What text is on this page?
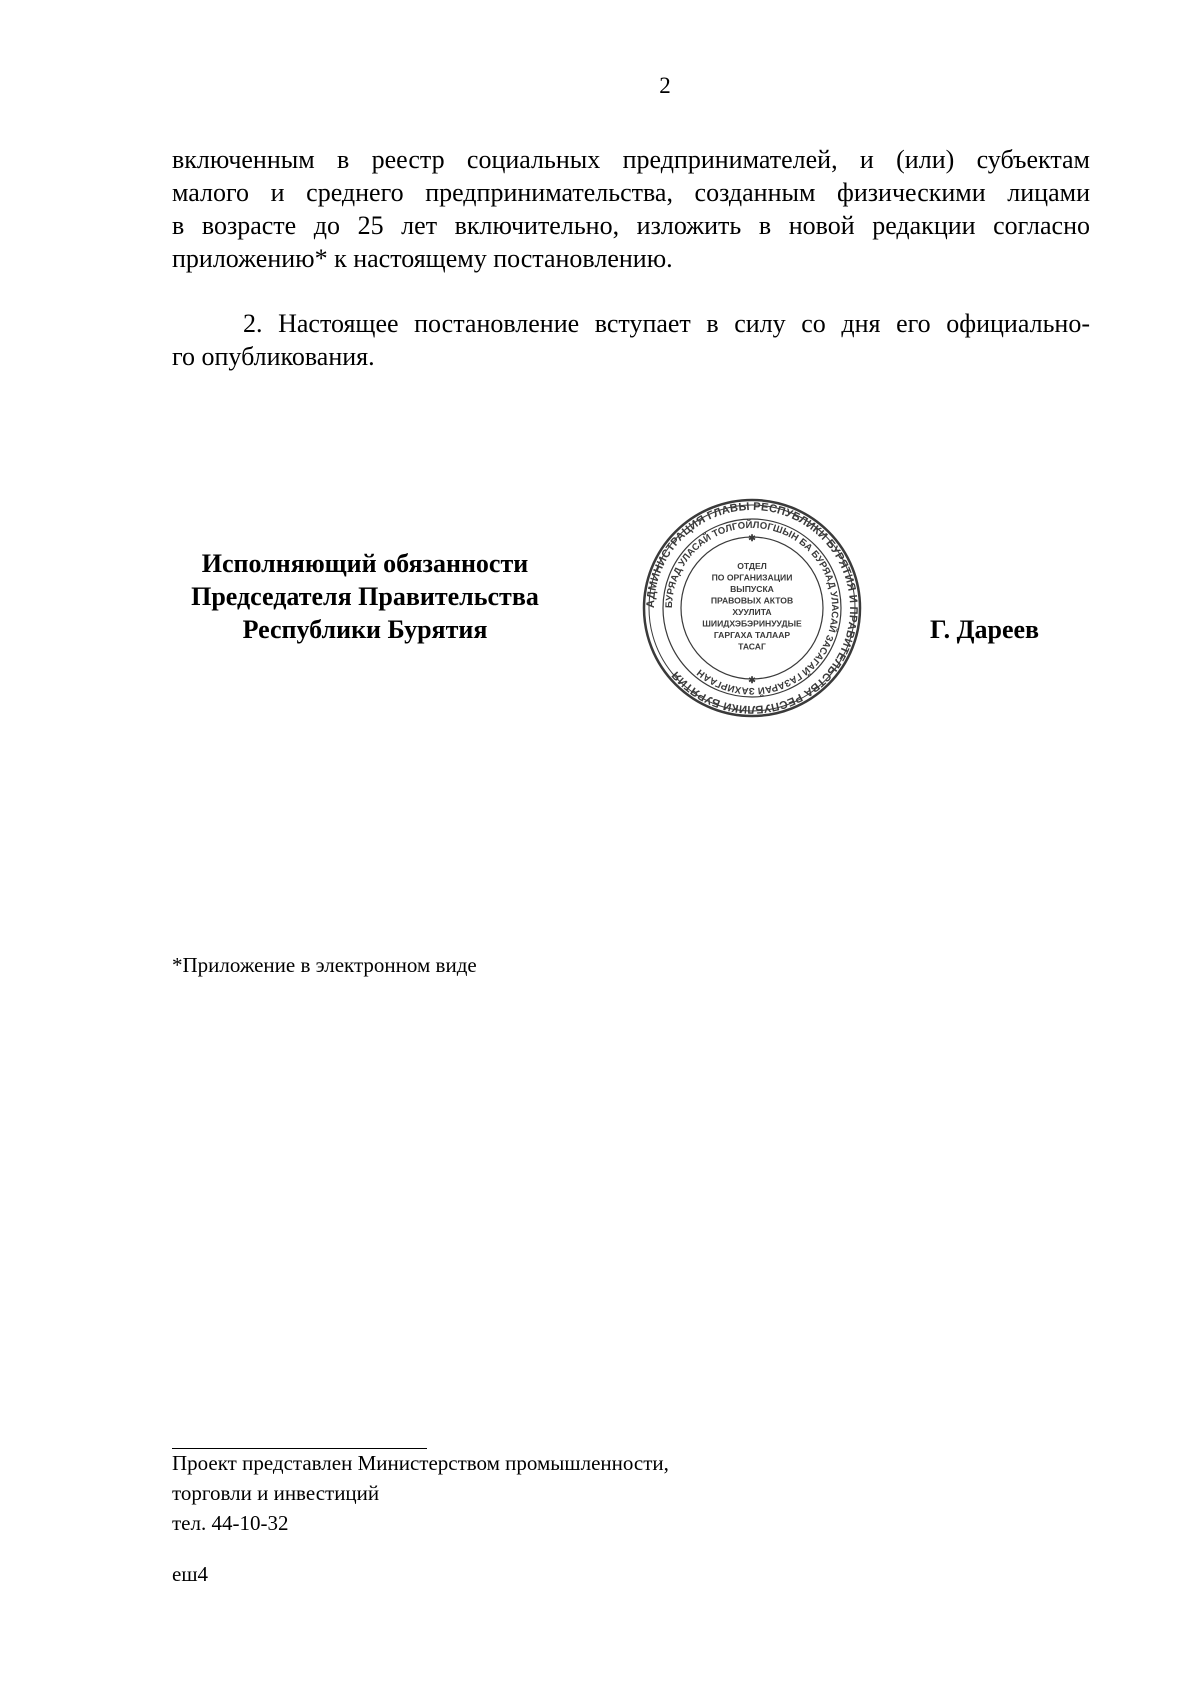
2

включенным в реестр социальных предпринимателей, и (или) субъектам
малого и среднего предпринимательства, созданным физическими лицами
в возрасте до 25 лет включительно, изложить в новой редакции согласно
приложению* к настоящему постановлению.

2. Настоящее постановление вступает в силу со дня его официально-
го опубликования.

Исполняющий обязанности
Председателя Правительства
Республики Бурятия
АДМИНИСТРАЦИЯ ГЛАВЫ РЕСПУБЛИКИ БУРЯТИЯ И ПРАВИТЕЛЬСТВА РЕСПУБЛИКИ БУРЯТИЯ
БУРЯАД УЛАСАЙ ТОЛГОЙЛОГШЫН БА БУРЯАД УЛАСАЙ ЗАСАГАЙ ГАЗАРАЙ ЗАХИРГААН
ОТДЕЛ
ПО ОРГАНИЗАЦИИ
ВЫПУСКА
ПРАВОВЫХ АКТОВ
ХУУЛИТА
ШИИДХЭБЭРИНУУДЫЕ
ГАРГАХА ТАЛААР
ТАСАГ
✱
✱
Г. Дареев
*Приложение в электронном виде
Проект представлен Министерством промышленности,
торговли и инвестиций
тел. 44-10-32
еш4
